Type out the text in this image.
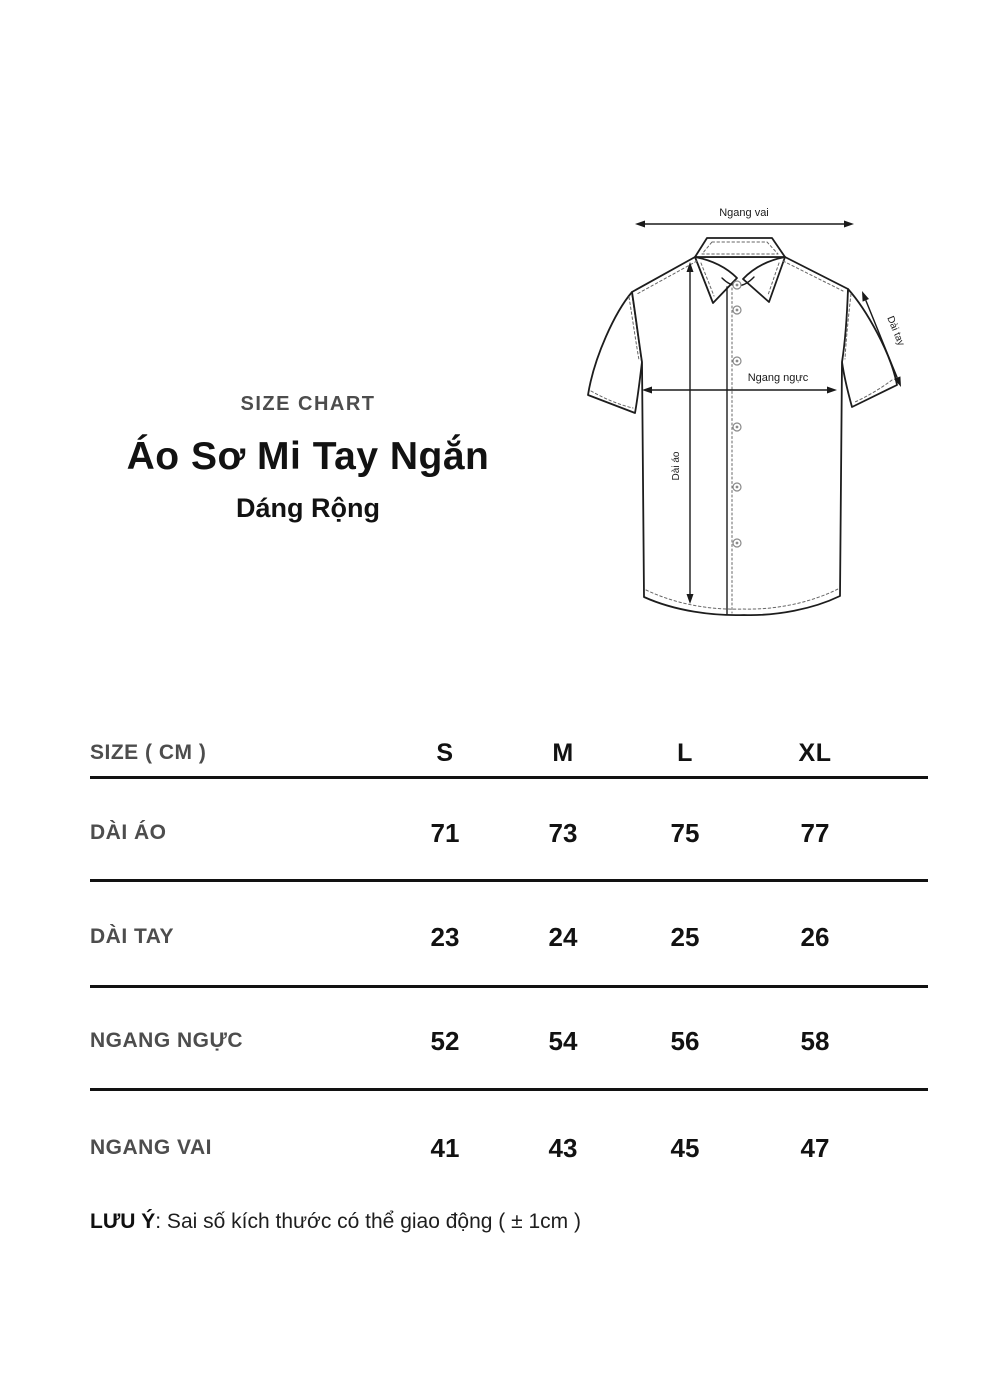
SIZE CHART
Áo Sơ Mi Tay Ngắn
Dáng Rộng
Ngang vai
Ngang ngực
Dài áo
Dài tay
SIZE ( CM )	S	M	L	XL
DÀI ÁO	71	73	75	77
DÀI TAY	23	24	25	26
NGANG NGỰC	52	54	56	58
NGANG VAI	41	43	45	47
LƯU Ý: Sai số kích thước có thể giao động ( ± 1cm )
